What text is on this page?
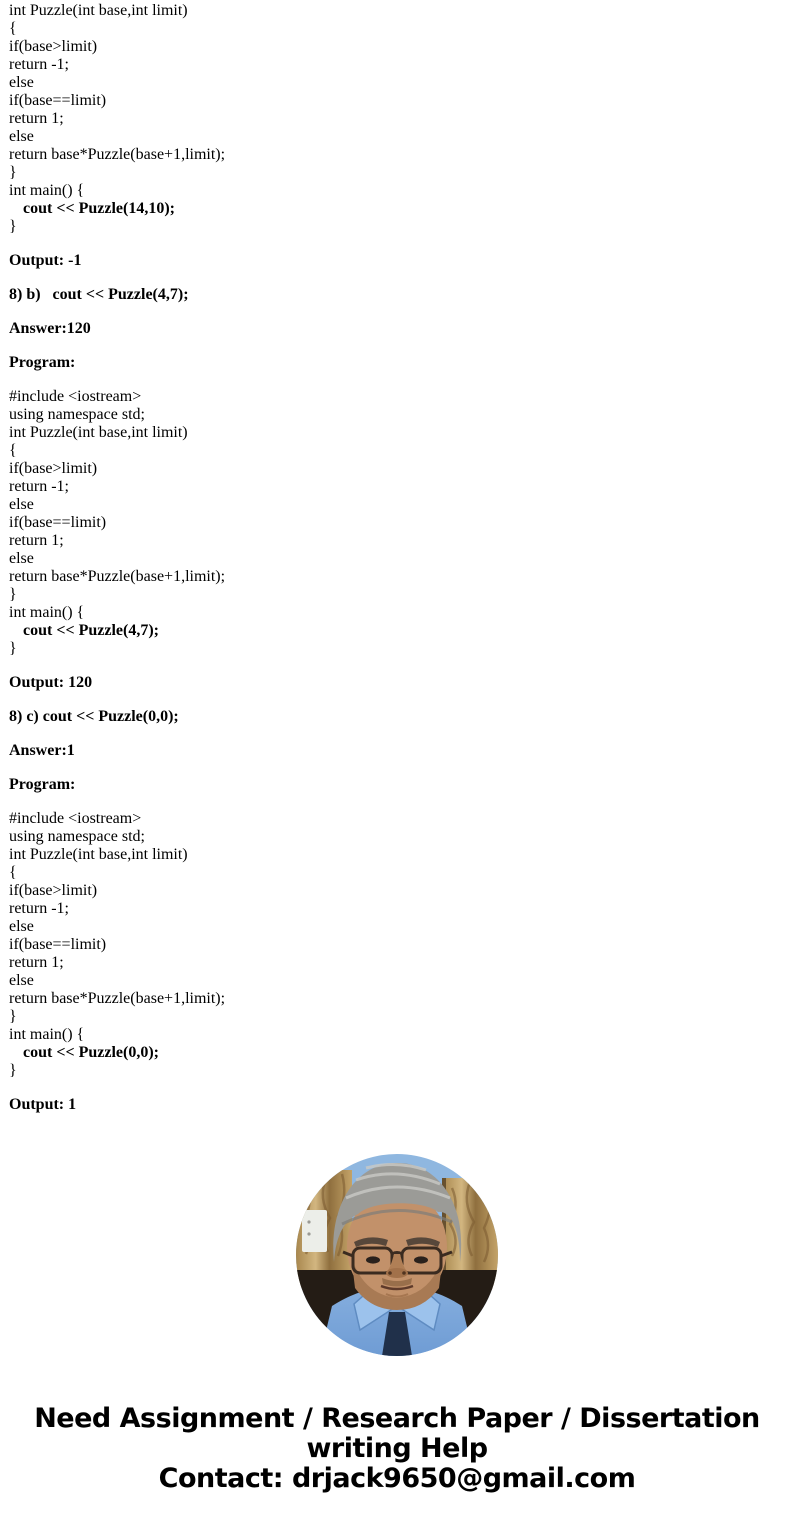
int Puzzle(int base,int limit)
{
if(base>limit)
return -1;
else
if(base==limit)
return 1;
else
return base*Puzzle(base+1,limit);
}
int main() {
cout << Puzzle(14,10);
}

Output: -1

8) b)   cout << Puzzle(4,7);

Answer:120

Program:

#include <iostream>
using namespace std;
int Puzzle(int base,int limit)
{
if(base>limit)
return -1;
else
if(base==limit)
return 1;
else
return base*Puzzle(base+1,limit);
}
int main() {
cout << Puzzle(4,7);
}

Output: 120

8) c) cout << Puzzle(0,0);

Answer:1

Program:

#include <iostream>
using namespace std;
int Puzzle(int base,int limit)
{
if(base>limit)
return -1;
else
if(base==limit)
return 1;
else
return base*Puzzle(base+1,limit);
}
int main() {
cout << Puzzle(0,0);
}

Output: 1

Need Assignment / Research Paper / Dissertation
writing Help
Contact: drjack9650@gmail.com
